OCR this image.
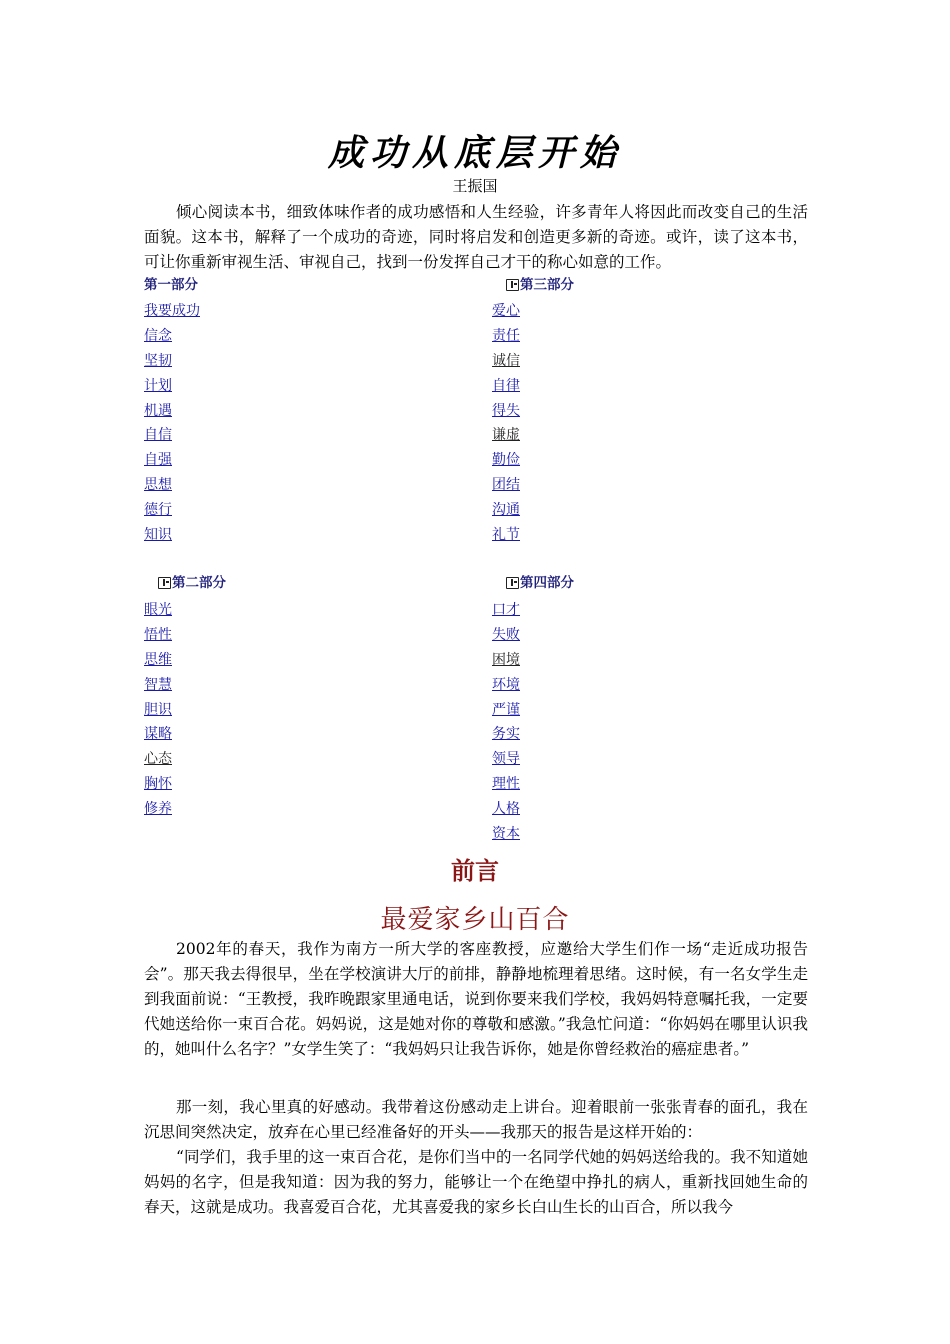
成功从底层开始
王振国

倾心阅读本书，细致体味作者的成功感悟和人生经验，许多青年人将因此而改变自己的生活面貌。这本书，解释了一个成功的奇迹，同时将启发和创造更多新的奇迹。或许，读了这本书，可让你重新审视生活、审视自己，找到一份发挥自己才干的称心如意的工作。

第一部分
我要成功
信念
坚韧
计划
机遇
自信
自强
思想
德行
知识
第三部分
爱心
责任
诚信
自律
得失
谦虚
勤俭
团结
沟通
礼节
第二部分
眼光
悟性
思维
智慧
胆识
谋略
心态
胸怀
修养
第四部分
口才
失败
困境
环境
严谨
务实
领导
理性
人格
资本
前言
最爱家乡山百合

2002年的春天，我作为南方一所大学的客座教授，应邀给大学生们作一场“走近成功报告会”。那天我去得很早，坐在学校演讲大厅的前排，静静地梳理着思绪。这时候，有一名女学生走到我面前说：“王教授，我昨晚跟家里通电话，说到你要来我们学校，我妈妈特意嘱托我，一定要代她送给你一束百合花。妈妈说，这是她对你的尊敬和感激。”我急忙问道：“你妈妈在哪里认识我的，她叫什么名字？”女学生笑了：“我妈妈只让我告诉你，她是你曾经救治的癌症患者。”

那一刻，我心里真的好感动。我带着这份感动走上讲台。迎着眼前一张张青春的面孔，我在沉思间突然决定，放弃在心里已经准备好的开头——我那天的报告是这样开始的：

“同学们，我手里的这一束百合花，是你们当中的一名同学代她的妈妈送给我的。我不知道她妈妈的名字，但是我知道：因为我的努力，能够让一个在绝望中挣扎的病人，重新找回她生命的春天，这就是成功。我喜爱百合花，尤其喜爱我的家乡长白山生长的山百合，所以我今
